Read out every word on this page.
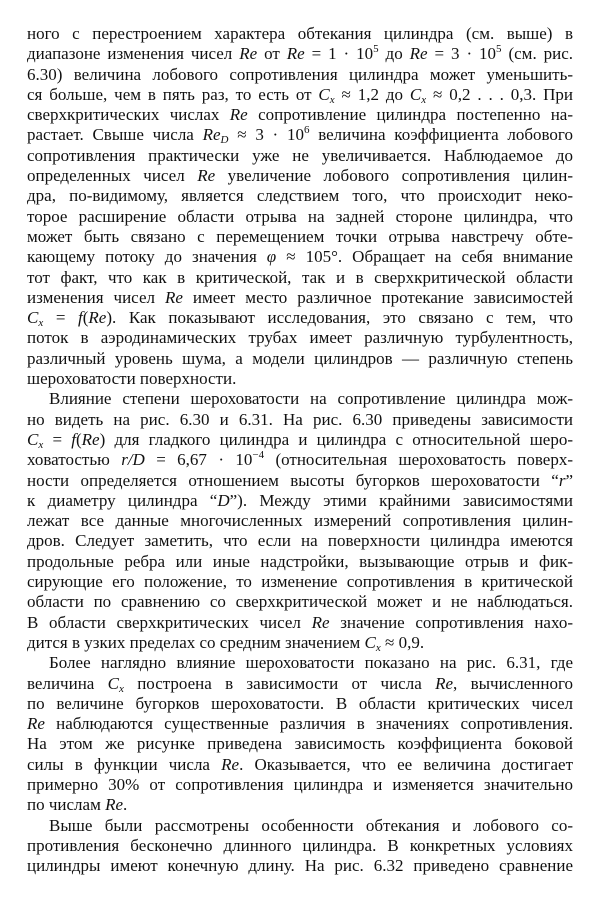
ного с перестроением характера обтекания цилиндра (см. выше) в
диапазоне изменения чисел Re от $Re = 1 \cdot 10^5$ до $Re = 3 \cdot 10^5$ (см. рис.
6.30) величина лобового сопротивления цилиндра может уменьшить-
ся больше, чем в пять раз, то есть от Cx ≈ 1,2 до Cx ≈ 0,2 . . . 0,3. При
сверхкритических числах Re сопротивление цилиндра постепенно на-
растает. Свыше числа ReD ≈ $3 \cdot 10^6$ величина коэффициента лобового
сопротивления практически уже не увеличивается. Наблюдаемое до
определенных чисел Re увеличение лобового сопротивления цилин-
дра, по-видимому, является следствием того, что происходит неко-
торое расширение области отрыва на задней стороне цилиндра, что
может быть связано с перемещением точки отрыва навстречу обте-
кающему потоку до значения φ ≈ 105°. Обращает на себя внимание
тот факт, что как в критической, так и в сверхкритической области
изменения чисел Re имеет место различное протекание зависимостей
Cx = f(Re). Как показывают исследования, это связано с тем, что
поток в аэродинамических трубах имеет различную турбулентность,
различный уровень шума, а модели цилиндров — различную степень
шероховатости поверхности.
Влияние степени шероховатости на сопротивление цилиндра мож-
но видеть на рис. 6.30 и 6.31. На рис. 6.30 приведены зависимости
Cx = f(Re) для гладкого цилиндра и цилиндра с относительной шеро-
ховатостью $r/D = 6,67 \cdot 10^{-4}$ (относительная шероховатость поверх-
ности определяется отношением высоты бугорков шероховатости “r”
к диаметру цилиндра “D”). Между этими крайними зависимостями
лежат все данные многочисленных измерений сопротивления цилин-
дров. Следует заметить, что если на поверхности цилиндра имеются
продольные ребра или иные надстройки, вызывающие отрыв и фик-
сирующие его положение, то изменение сопротивления в критической
области по сравнению со сверхкритической может и не наблюдаться.
В области сверхкритических чисел Re значение сопротивления нахо-
дится в узких пределах со средним значением Cx ≈ 0,9.
Более наглядно влияние шероховатости показано на рис. 6.31, где
величина Cx построена в зависимости от числа Re, вычисленного
по величине бугорков шероховатости. В области критических чисел
Re наблюдаются существенные различия в значениях сопротивления.
На этом же рисунке приведена зависимость коэффициента боковой
силы в функции числа Re. Оказывается, что ее величина достигает
примерно 30% от сопротивления цилиндра и изменяется значительно
по числам Re.
Выше были рассмотрены особенности обтекания и лобового со-
противления бесконечно длинного цилиндра. В конкретных условиях
цилиндры имеют конечную длину. На рис. 6.32 приведено сравнение
